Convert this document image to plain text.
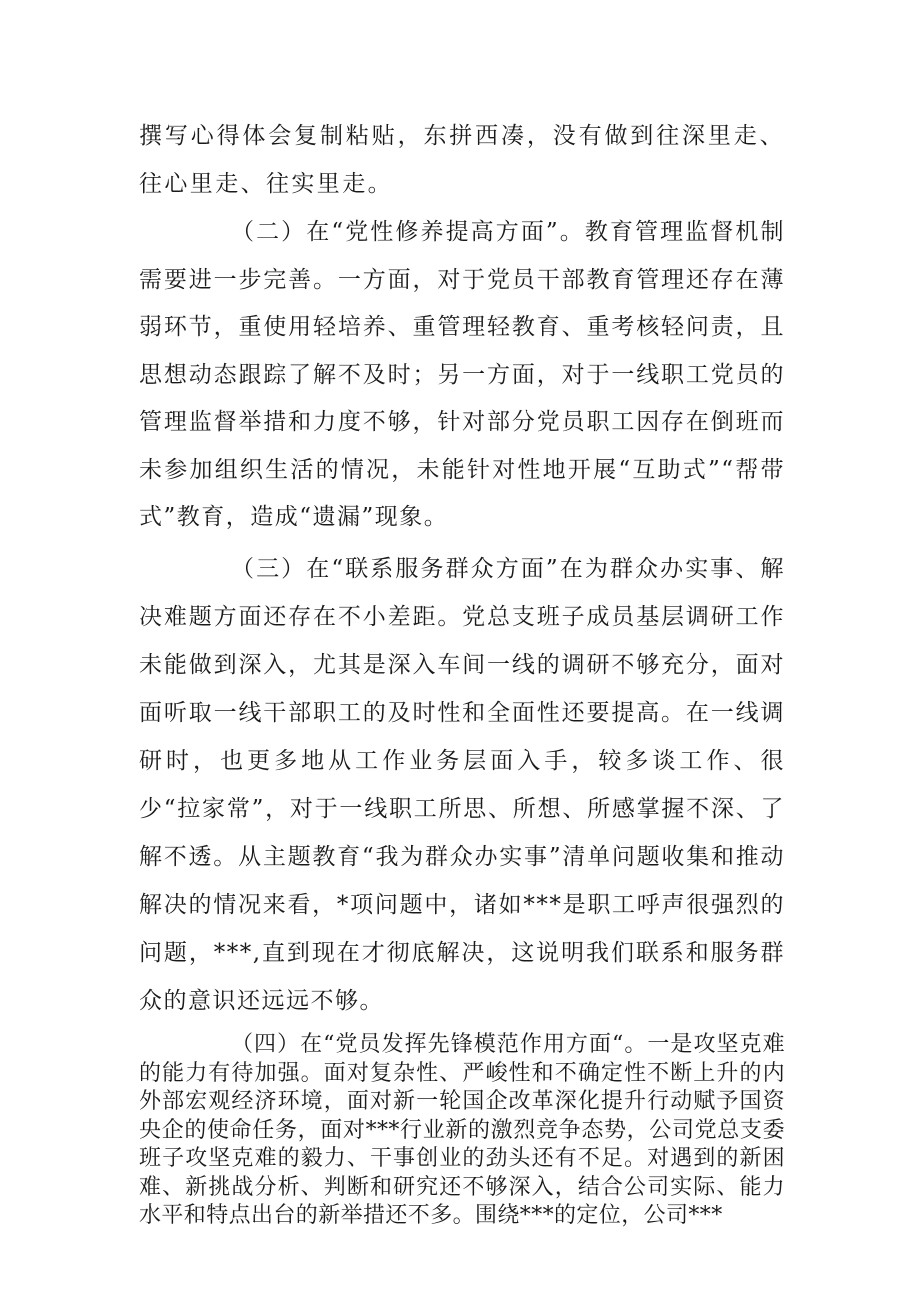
撰写心得体会复制粘贴，东拼西凑，没有做到往深里走、往心里走、往实里走。

（二）在“党性修养提高方面”。教育管理监督机制需要进一步完善。一方面，对于党员干部教育管理还存在薄弱环节，重使用轻培养、重管理轻教育、重考核轻问责，且思想动态跟踪了解不及时；另一方面，对于一线职工党员的管理监督举措和力度不够，针对部分党员职工因存在倒班而未参加组织生活的情况，未能针对性地开展“互助式”“帮带式”教育，造成“遗漏”现象。

（三）在“联系服务群众方面”在为群众办实事、解决难题方面还存在不小差距。党总支班子成员基层调研工作未能做到深入，尤其是深入车间一线的调研不够充分，面对面听取一线干部职工的及时性和全面性还要提高。在一线调研时，也更多地从工作业务层面入手，较多谈工作、很少“拉家常”，对于一线职工所思、所想、所感掌握不深、了解不透。从主题教育“我为群众办实事”清单问题收集和推动解决的情况来看，*项问题中，诸如***是职工呼声很强烈的问题，***,直到现在才彻底解决，这说明我们联系和服务群众的意识还远远不够。

（四）在“党员发挥先锋模范作用方面“。一是攻坚克难的能力有待加强。面对复杂性、严峻性和不确定性不断上升的内外部宏观经济环境，面对新一轮国企改革深化提升行动赋予国资央企的使命任务，面对***行业新的激烈竞争态势，公司党总支委班子攻坚克难的毅力、干事创业的劲头还有不足。对遇到的新困难、新挑战分析、判断和研究还不够深入，结合公司实际、能力水平和特点出台的新举措还不多。围绕***的定位，公司***
